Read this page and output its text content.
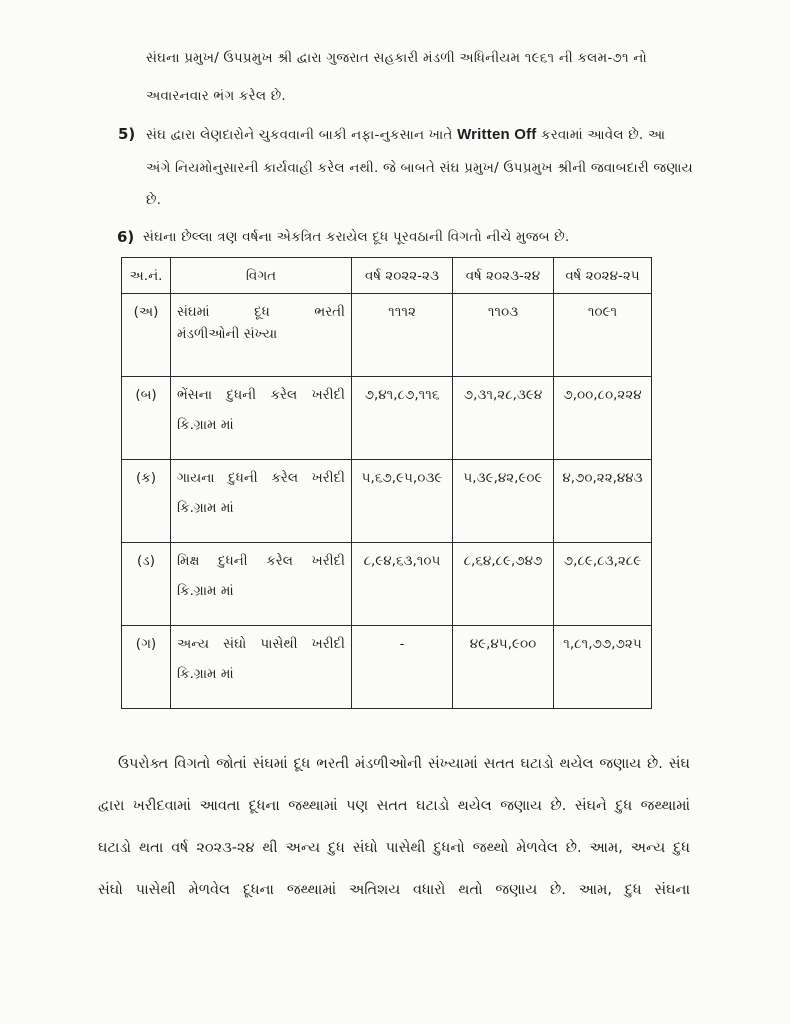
સંઘના પ્રમુખ/ ઉપપ્રમુખ શ્રી દ્વારા ગુજરાત સહકારી મંડળી અધિનીયમ ૧૯૬૧ ની કલમ-૭૧ નો
અવારનવાર ભંગ કરેલ છે.
5) સંઘ દ્વારા લેણદારોને ચુકવવાની બાકી નફા-નુકસાન ખાતે Written Off કરવામાં આવેલ છે. આ
અંગે નિયમોનુસારની કાર્યવાહી કરેલ નથી. જે બાબતે સંઘ પ્રમુખ/ ઉપપ્રમુખ શ્રીની જવાબદારી જણાય
છે.
6) સંઘના છેલ્લા ત્રણ વર્ષના એકત્રિત કરાયેલ દૂધ પૂરવઠાની વિગતો નીચે મુજબ છે.
અ.નં.	વિગત	વર્ષ ૨૦૨૨-૨૩	વર્ષ ૨૦૨૩-૨૪	વર્ષ ૨૦૨૪-૨૫

(અ)	સંઘમાં દૂધ ભરતી
મંડળીઓની સંખ્યા	૧૧૧૨	૧૧૦૩	૧૦૯૧

(બ)	ભેંસના દુધની કરેલ ખરીદી
કિ.ગ્રામ માં	૭,૪૧,૮૭,૧૧૬	૭,૩૧,૨૮,૩૯૪	૭,૦૦,૮૦,૨૨૪

(ક)	ગાયના દુધની કરેલ ખરીદી
કિ.ગ્રામ માં	૫,૬૭,૯૫,૦૩૯	૫,૩૯,૪૨,૯૦૯	૪,૭૦,૨૨,૪૪૩

(ડ)	મિક્ષ દુધની કરેલ ખરીદી
કિ.ગ્રામ માં	૮,૯૪,૬૩,૧૦૫	૮,૬૪,૮૯,૭૪૭	૭,૮૯,૮૩,૨૮૯

(ગ)	અન્ય સંઘો પાસેથી ખરીદી
કિ.ગ્રામ માં	-	૪૯,૪૫,૯૦૦	૧,૮૧,૭૭,૭૨૫
ઉપરોક્ત વિગતો જોતાં સંઘમાં દૂધ ભરતી મંડળીઓની સંખ્યામાં સતત ઘટાડો થયેલ જણાય છે. સંઘ
દ્વારા ખરીદવામાં આવતા દૂધના જથ્થામાં પણ સતત ઘટાડો થયેલ જણાય છે. સંઘને દુધ જથ્થામાં
ઘટાડો થતા વર્ષ ૨૦૨૩-૨૪ થી અન્ય દુધ સંઘો પાસેથી દુધનો જથ્થો મેળવેલ છે. આમ, અન્ય દુધ
સંઘો પાસેથી મેળવેલ દૂધના જથ્થામાં અતિશય વધારો થતો જણાય છે. આમ, દુધ સંઘના
